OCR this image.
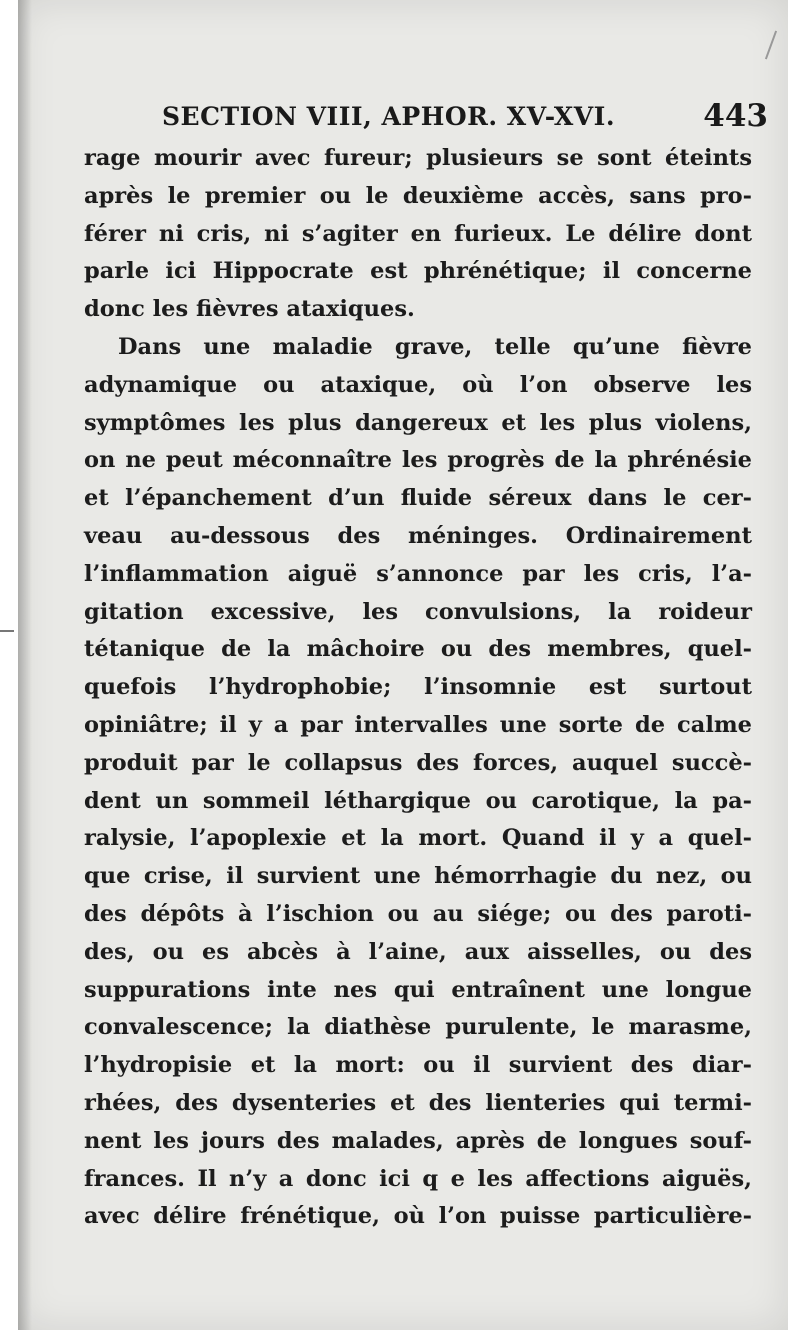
SECTION VIII, APHOR. XV-XVI.	443
rage mourir avec fureur; plusieurs se sont éteints
après le premier ou le deuxième accès, sans pro-
férer ni cris, ni s’agiter en furieux. Le délire dont
parle ici Hippocrate est phrénétique; il concerne
donc les fièvres ataxiques.
Dans une maladie grave, telle qu’une fièvre
adynamique ou ataxique, où l’on observe les
symptômes les plus dangereux et les plus violens,
on ne peut méconnaître les progrès de la phrénésie
et l’épanchement d’un fluide séreux dans le cer-
veau au-dessous des méninges. Ordinairement
l’inflammation aiguë s’annonce par les cris, l’a-
gitation excessive, les convulsions, la roideur
tétanique de la mâchoire ou des membres, quel-
quefois l’hydrophobie; l’insomnie est surtout
opiniâtre; il y a par intervalles une sorte de calme
produit par le collapsus des forces, auquel succè-
dent un sommeil léthargique ou carotique, la pa-
ralysie, l’apoplexie et la mort. Quand il y a quel-
que crise, il survient une hémorrhagie du nez, ou
des dépôts à l’ischion ou au siége; ou des paroti-
des, ou es abcès à l’aine, aux aisselles, ou des
suppurations inte nes qui entraînent une longue
convalescence; la diathèse purulente, le marasme,
l’hydropisie et la mort: ou il survient des diar-
rhées, des dysenteries et des lienteries qui termi-
nent les jours des malades, après de longues souf-
frances. Il n’y a donc ici q e les affections aiguës,
avec délire frénétique, où l’on puisse particulière-
